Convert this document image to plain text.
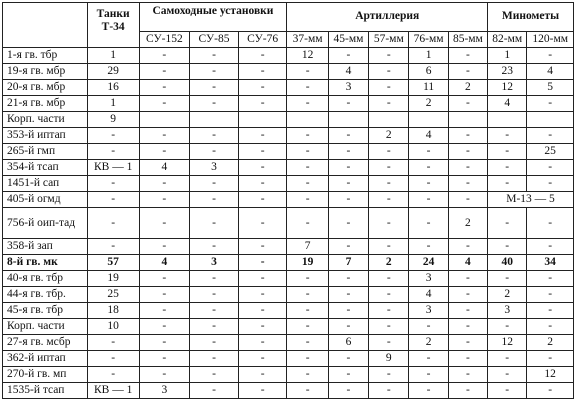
	Танки Т-34	Самоходные установки			Артиллерия					Минометы	
		СУ-152	СУ-85	СУ-76	37-мм	45-мм	57-мм	76-мм	85-мм	82-мм	120-мм
1-я гв. тбр	1	-	-	-	12	-	-	1	-	1	-
19-я гв. мбр	29	-	-	-	-	4	-	6	-	23	4
20-я гв. мбр	16	-	-	-	-	3	-	11	2	12	5
21-я гв. мбр	1	-	-	-	-	-	-	2	-	4	-
Корп. части	9										
353-й иптап	-	-	-	-	-	-	2	4	-	-	-
265-й гмп	-	-	-	-	-	-	-	-	-	-	25
354-й тсап	КВ — 1	4	3	-	-	-	-	-	-	-	-
1451-й сап	-	-	-	-	-	-	-	-	-	-	-
405-й огмд	-	-	-	-	-	-	-	-	-	М-13 — 5	
756-й оип-тад	-	-	-	-	-	-	-	-	2	-	-
358-й зап	-	-	-	-	7	-	-	-	-	-	-
8-й гв. мк	57	4	3	-	19	7	2	24	4	40	34
40-я гв. тбр	19	-	-	-	-	-	-	3	-	-	-
44-я гв. тбр.	25	-	-	-	-	-	-	4	-	2	-
45-я гв. тбр	18	-	-	-	-	-	-	3	-	3	-
Корп. части	10	-	-	-	-	-	-	-	-	-	-
27-я гв. мсбр	-	-	-	-	-	6	-	2	-	12	2
362-й иптап	-	-	-	-	-	-	9	-	-	-	-
270-й гв. мп	-	-	-	-	-	-	-	-	-	-	12
1535-й тсап	КВ — 1	3	-	-	-	-	-	-	-	-	-
